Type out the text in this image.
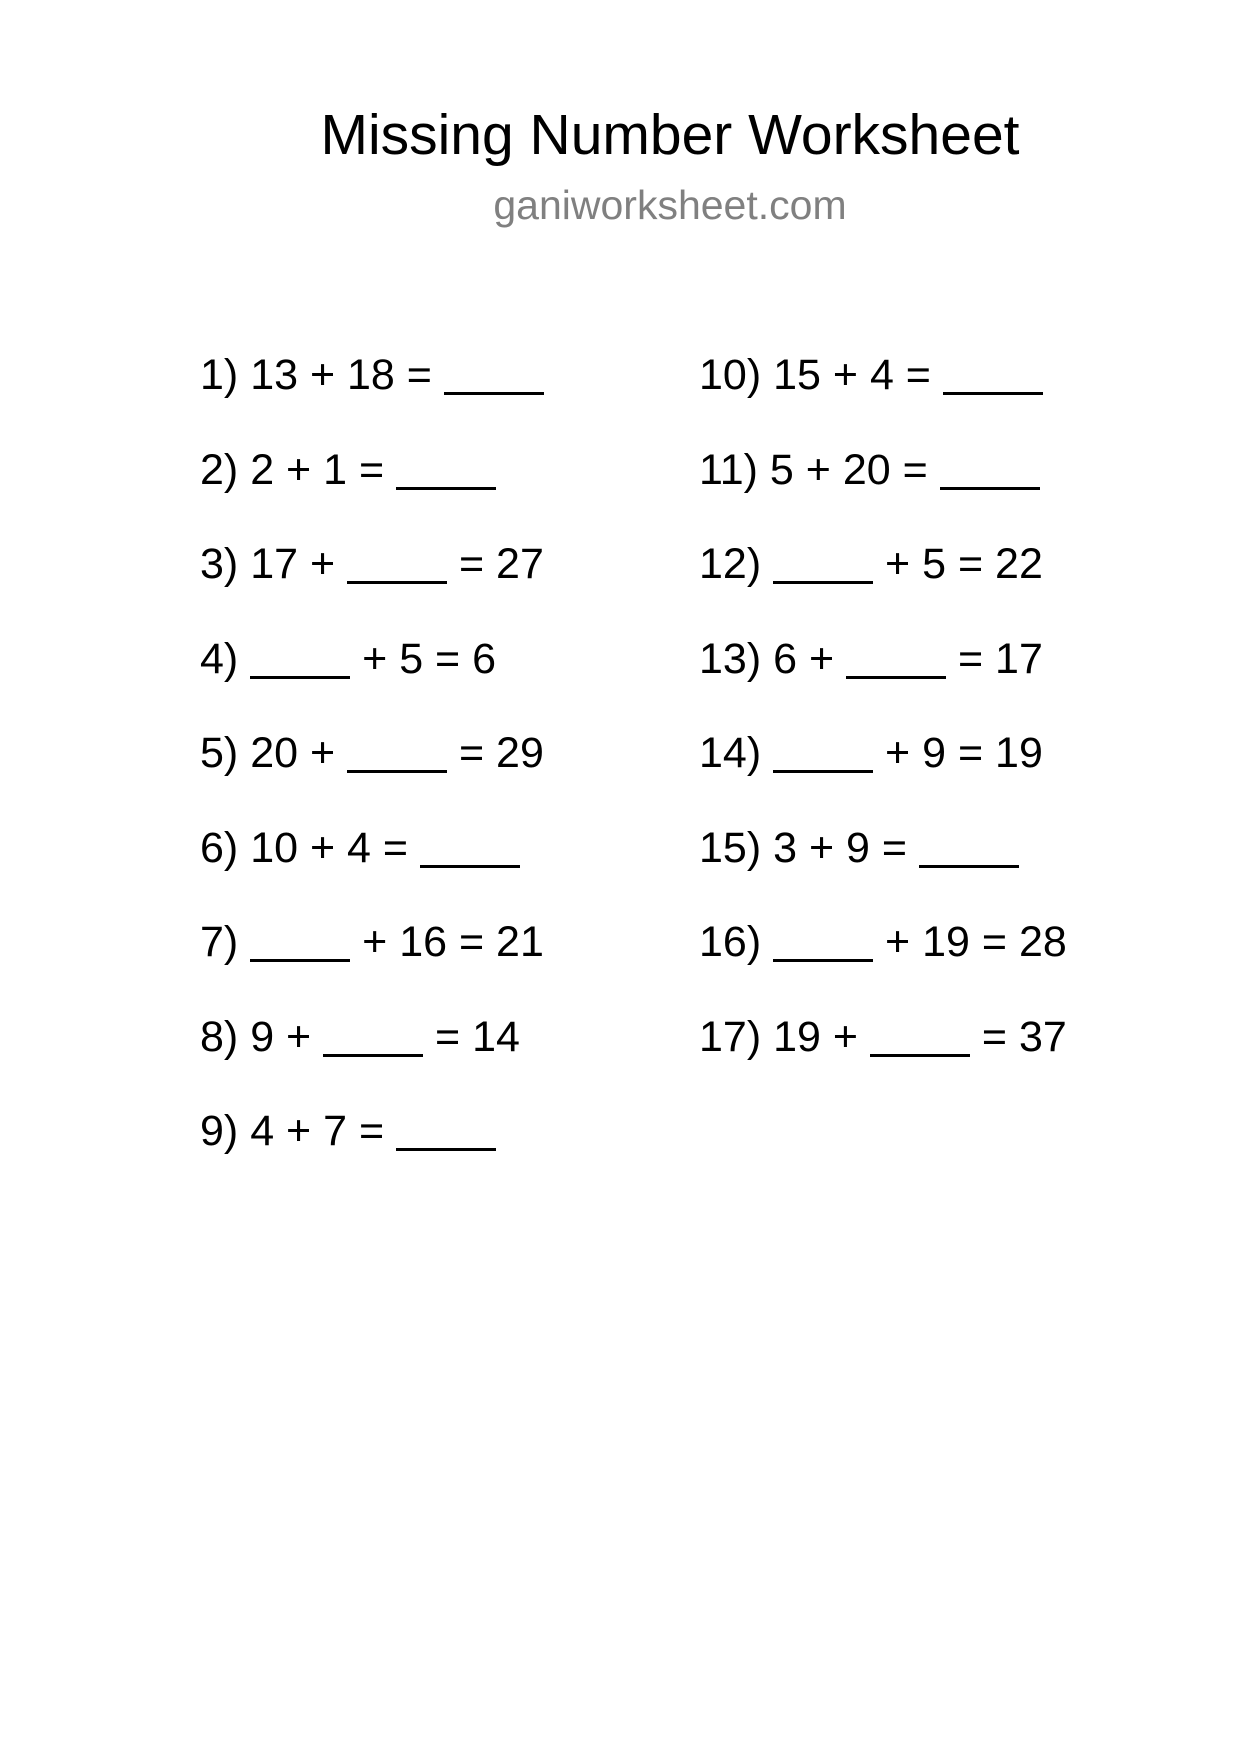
Missing Number Worksheet
ganiworksheet.com
1)
13 + 18 =
2)
2 + 1 =
3)
17 + = 27
4)
	+ 5 = 6
5)
20 + = 29
6)
10 + 4 =
7)
	+ 16 = 21
8)
9 + = 14
9)
4 + 7 =
10)
15 + 4 =
11)
5 + 20 =
12)
	+ 5 = 22
13)
6 + = 17
14)
	+ 9 = 19
15)
3 + 9 =
16)
	+ 19 = 28
17)
19 + = 37
